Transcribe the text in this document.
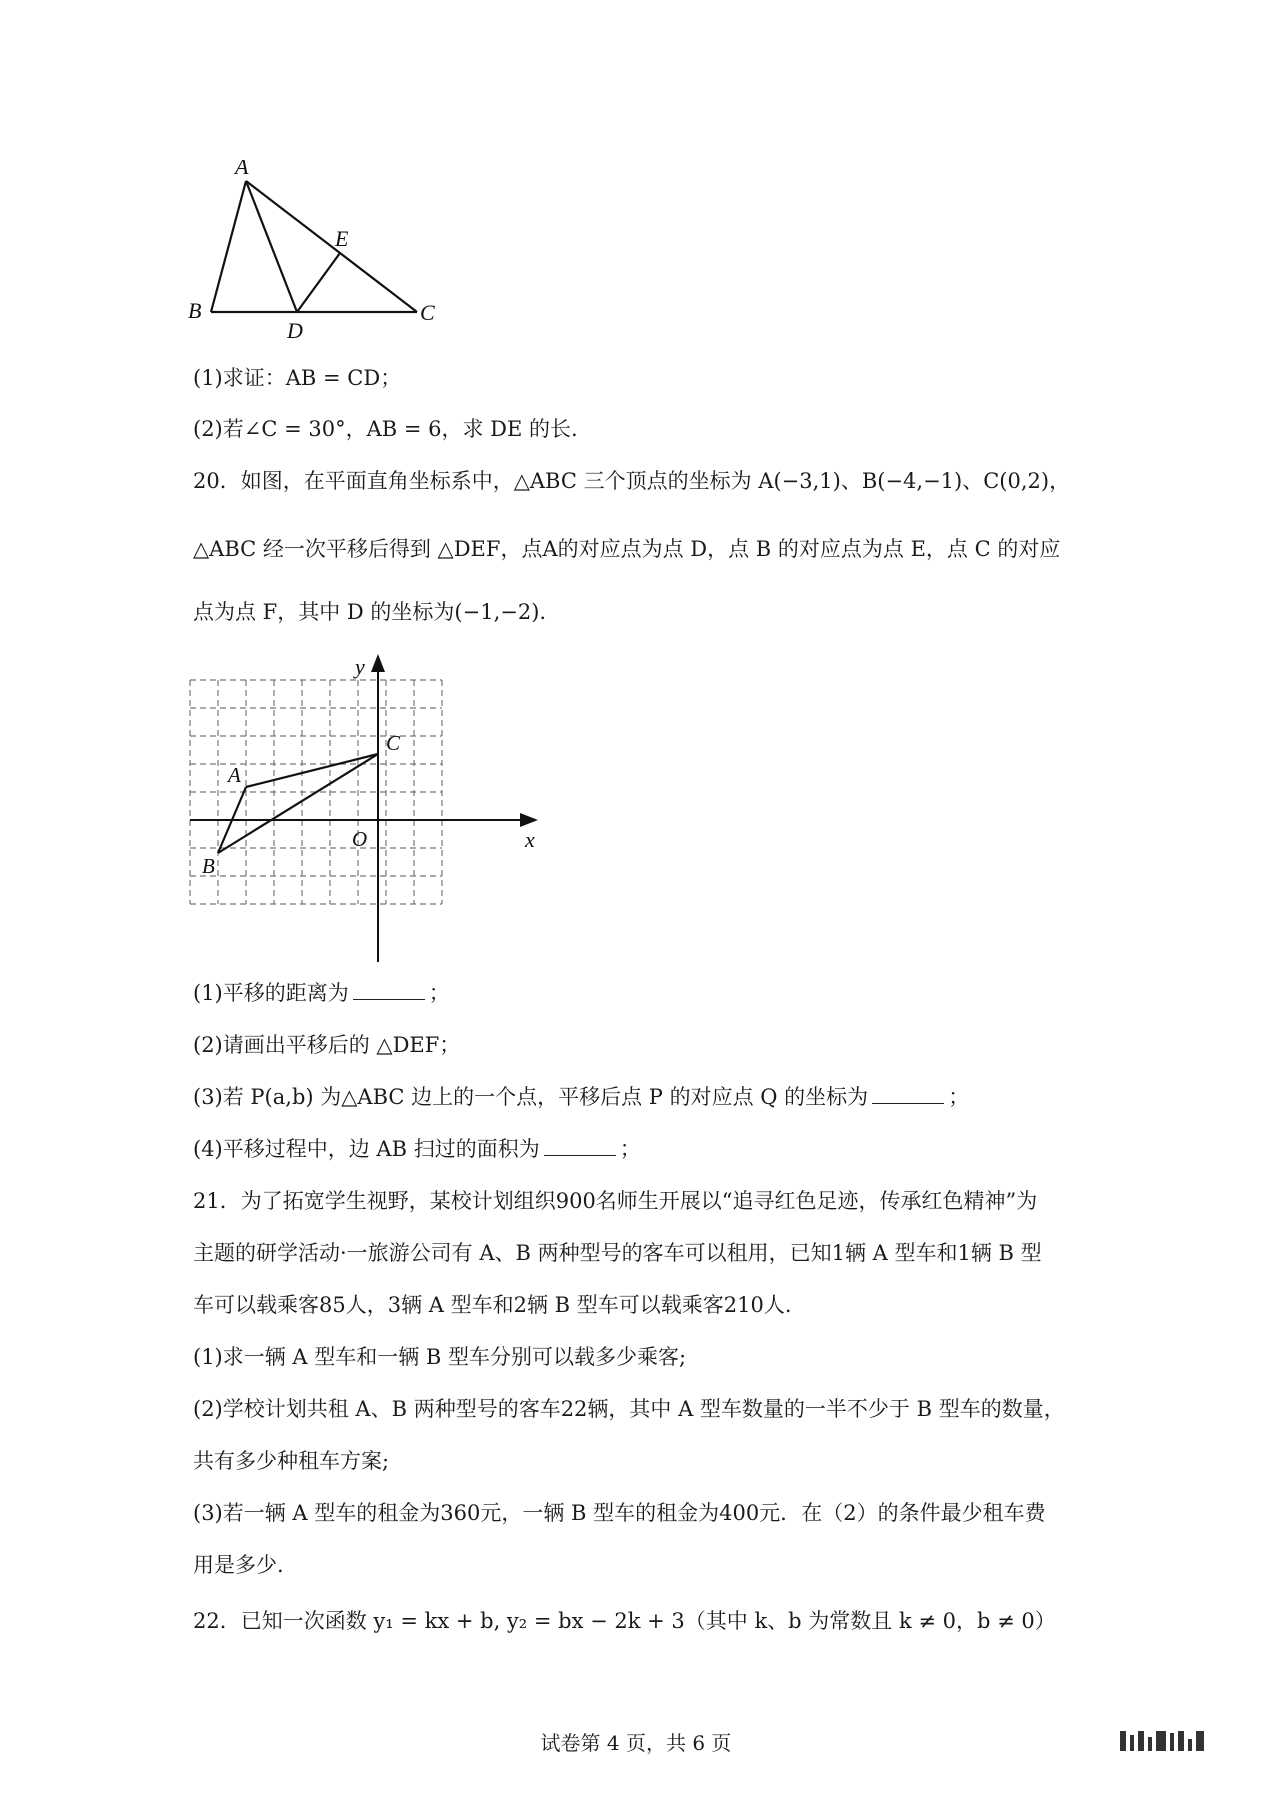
A
B	C
D
E
(1)求证：AB = CD；
(2)若∠C = 30°，AB = 6，求 DE 的长.
20．如图，在平面直角坐标系中，△ABC 三个顶点的坐标为 A(−3,1)、B(−4,−1)、C(0,2)，
△ABC 经一次平移后得到 △DEF，点A的对应点为点 D，点 B 的对应点为点 E，点 C 的对应
点为点 F，其中 D 的坐标为(−1,−2).
y
x
O
A
B
C
(1)平移的距离为	；
(2)请画出平移后的 △DEF；
(3)若 P(a,b) 为△ABC 边上的一个点，平移后点 P 的对应点 Q 的坐标为	；
(4)平移过程中，边 AB 扫过的面积为	；
21．为了拓宽学生视野，某校计划组织900名师生开展以“追寻红色足迹，传承红色精神”为
主题的研学活动·一旅游公司有 A、B 两种型号的客车可以租用，已知1辆 A 型车和1辆 B 型
车可以载乘客85人，3辆 A 型车和2辆 B 型车可以载乘客210人.
(1)求一辆 A 型车和一辆 B 型车分别可以载多少乘客;
(2)学校计划共租 A、B 两种型号的客车22辆，其中 A 型车数量的一半不少于 B 型车的数量，
共有多少种租车方案;
(3)若一辆 A 型车的租金为360元，一辆 B 型车的租金为400元．在（2）的条件最少租车费
用是多少.
22．已知一次函数 y₁ = kx + b, y₂ = bx − 2k + 3（其中 k、b 为常数且 k ≠ 0，b ≠ 0）
试卷第 4 页，共 6 页
